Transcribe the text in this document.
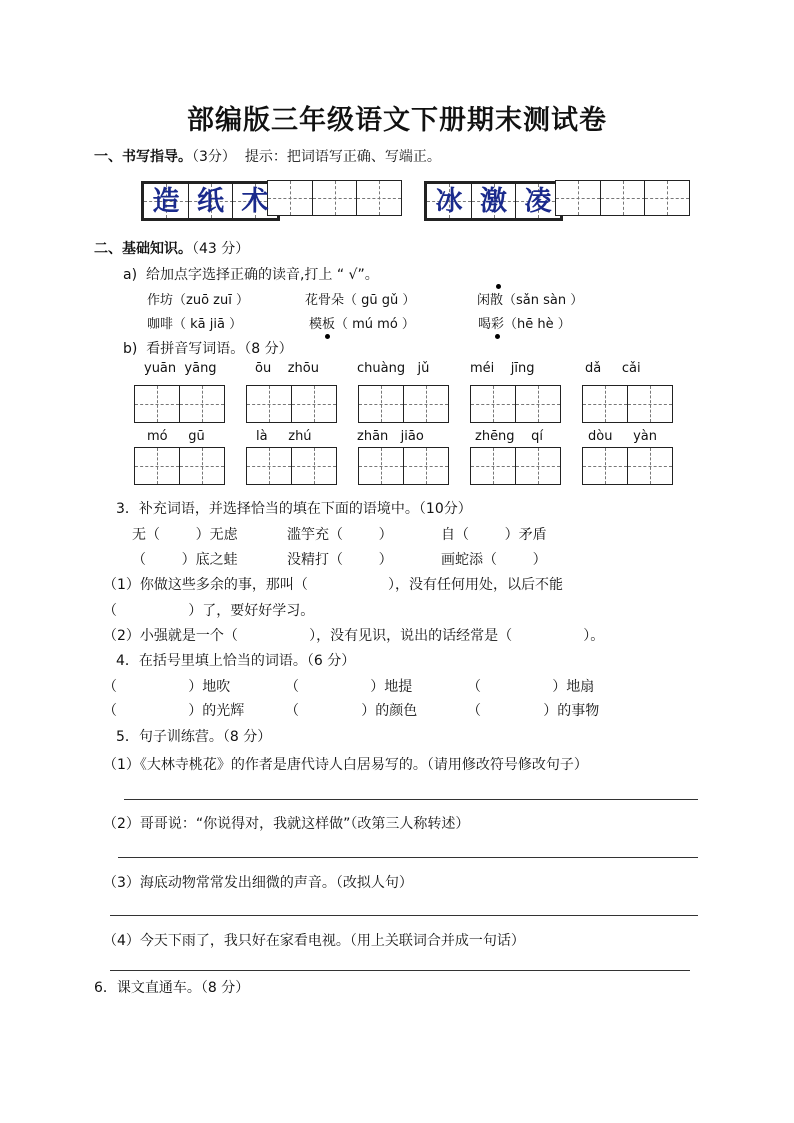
部编版三年级语文下册期末测试卷
一、书写指导。（3分） 提示：把词语写正确、写端正。
造 纸 术	冰 激 凌
二、基础知识。（43 分）
a) 给加点字选择正确的读音,打上 “ √”。
作坊（zuō zuī ）	花骨朵（ gū gǔ ）	闲散（sǎn sàn ）
咖啡（ kā jiā ）	模板（ mú mó ）	喝彩（hē hè ）
b) 看拼音写词语。（8 分）
yuān  yāng	ōu    zhōu	chuàng   jǔ	méi    jīng	dǎ     cǎi
mó     gū	là     zhú	zhān   jiāo	zhēng    qí	dòu     yàn
3．补充词语，并选择恰当的填在下面的语境中。（10分）
无（        ）无虑	滥竽充（        ）	自（        ）矛盾
（        ）底之蛙	没精打（        ）	画蛇添（        ）
（1）你做这些多余的事，那叫（                  ），没有任何用处，以后不能
（                ）了，要好好学习。
（2）小强就是一个（                ），没有见识，说出的话经常是（                ）。
4．在括号里填上恰当的词语。（6 分）
（                ）地吹	（                ）地提	（                ）地扇
（                ）的光辉	（              ）的颜色	（              ）的事物
5．句子训练营。（8 分）
（1）《大林寺桃花》的作者是唐代诗人白居易写的。（请用修改符号修改句子）
（2）哥哥说：“你说得对，我就这样做”（改第三人称转述）
（3）海底动物常常发出细微的声音。（改拟人句）
（4）今天下雨了，我只好在家看电视。（用上关联词合并成一句话）
6．课文直通车。（8 分）
